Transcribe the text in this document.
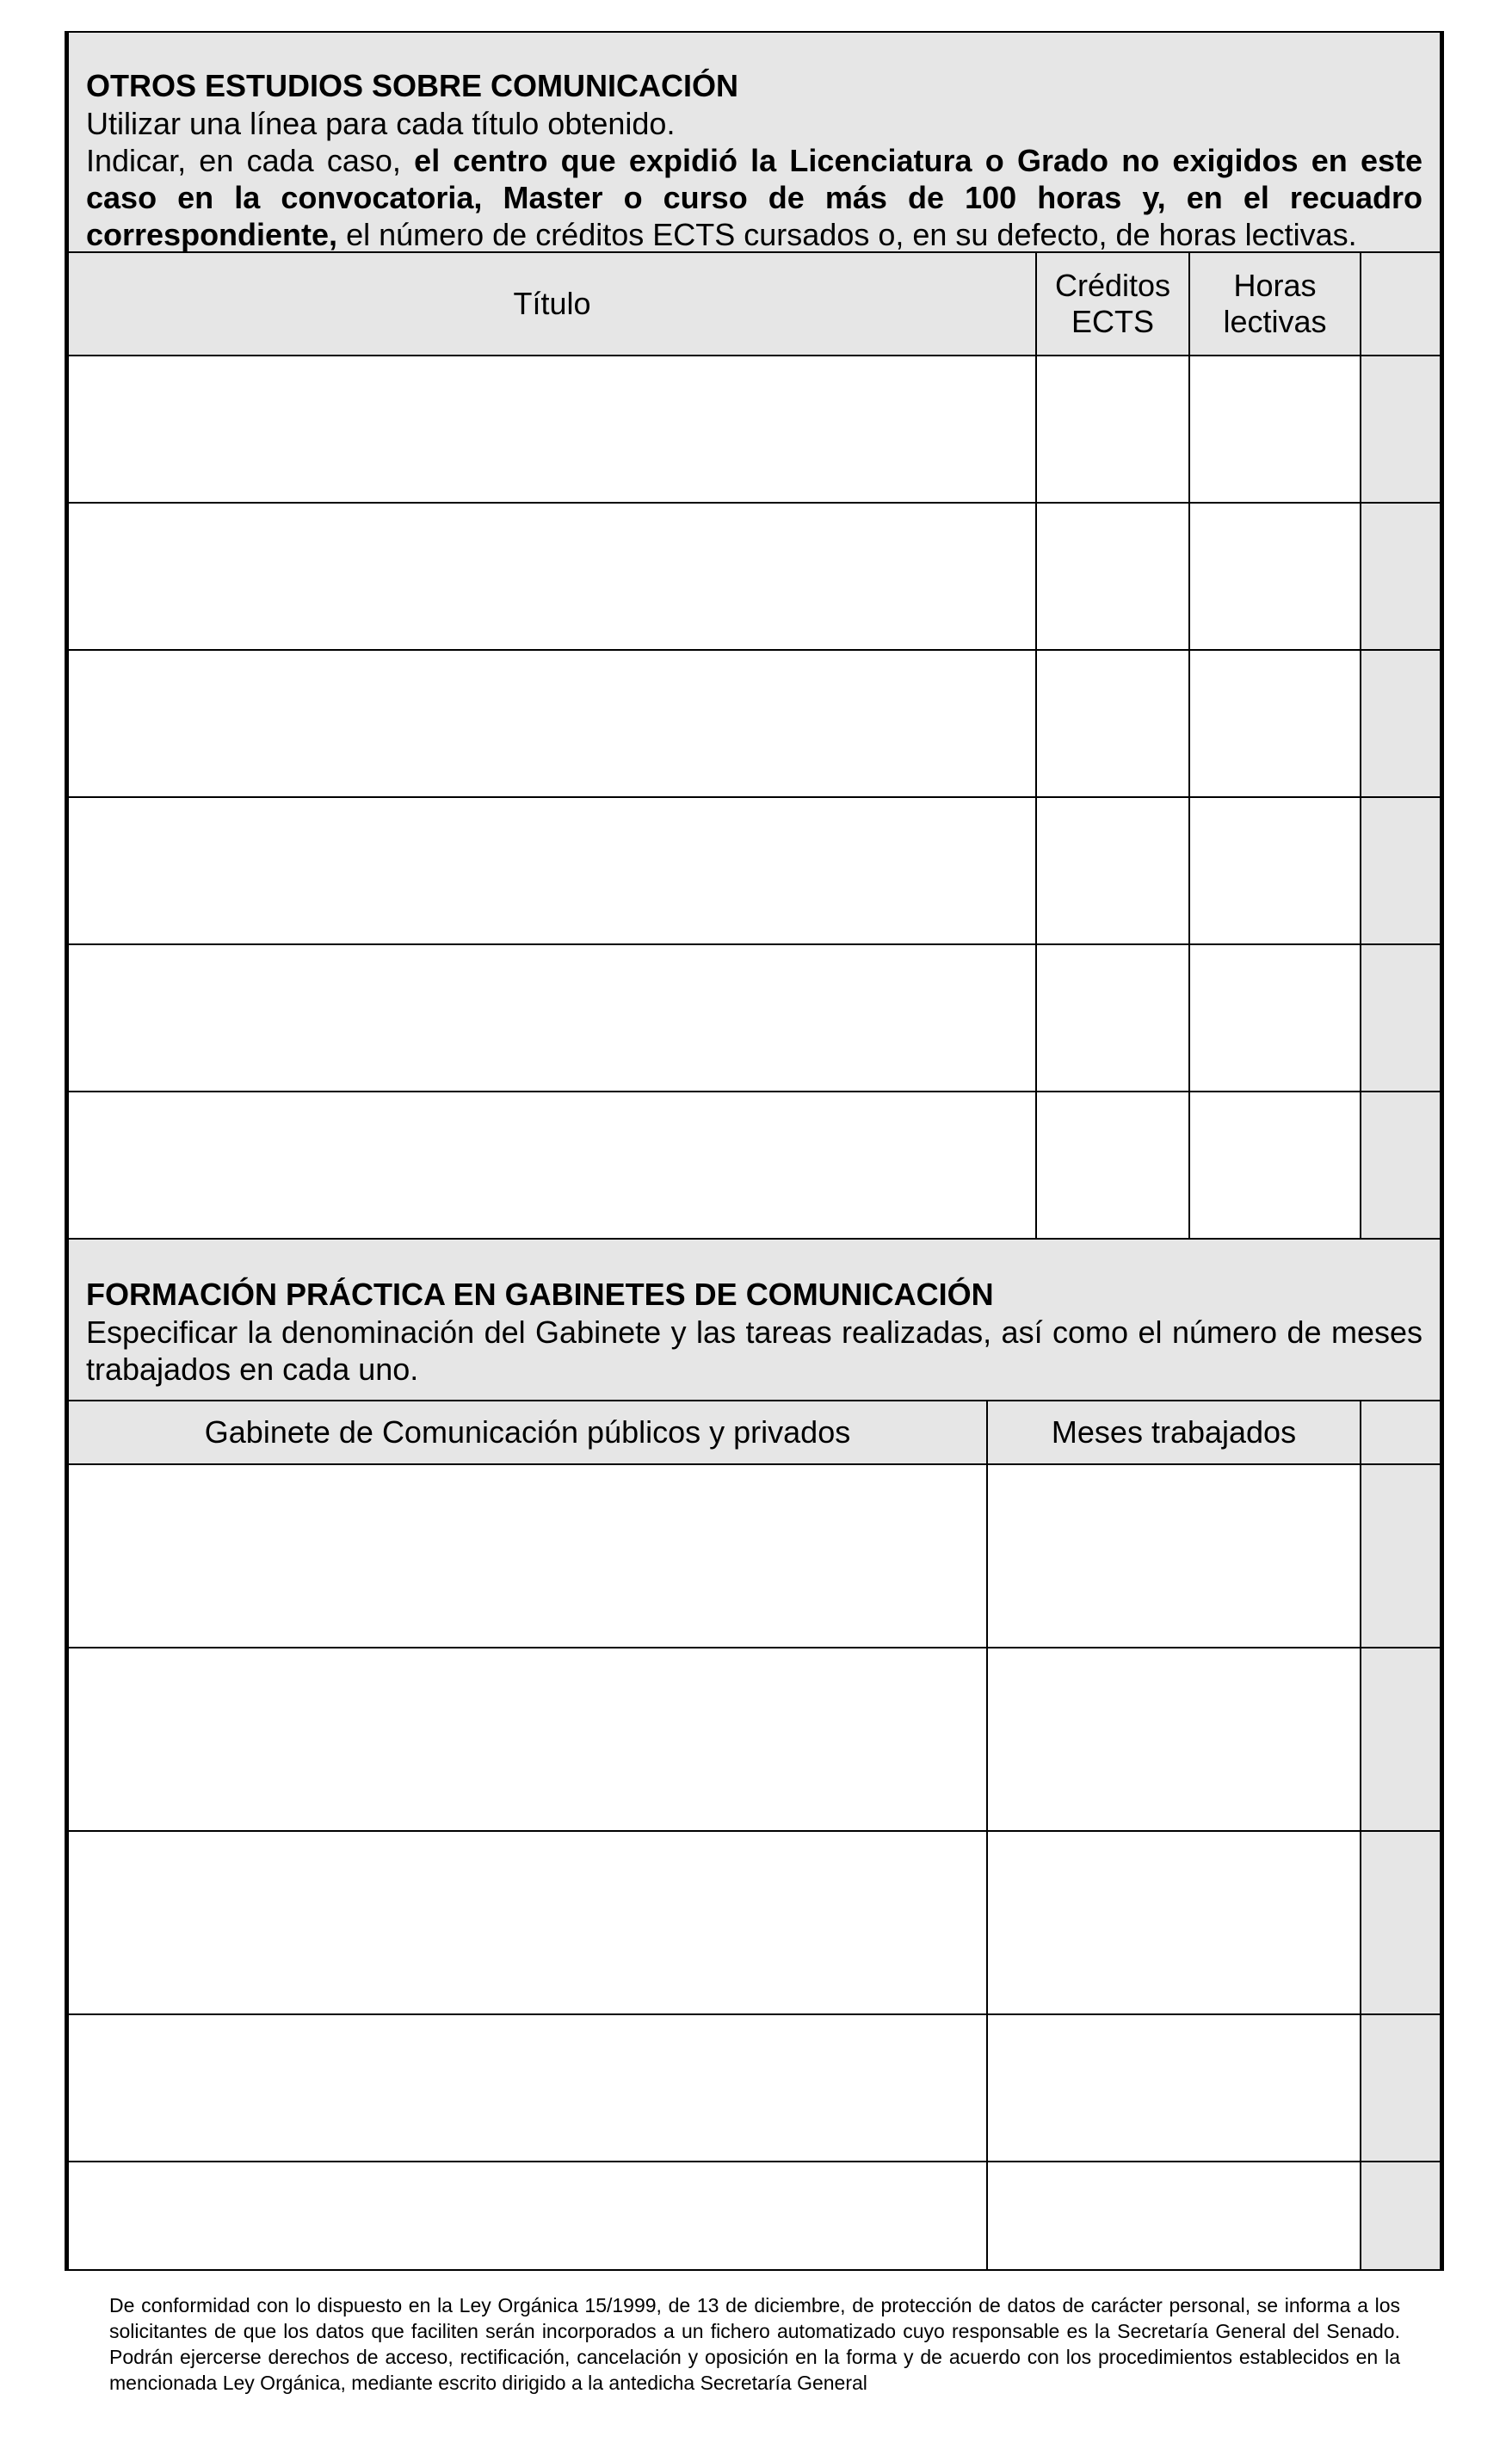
OTROS ESTUDIOS SOBRE COMUNICACIÓN
Utilizar una línea para cada título obtenido.
Indicar, en cada caso, el centro que expidió la Licenciatura o Grado no exigidos en este caso en la convocatoria, Master o curso de más de 100 horas y, en el recuadro correspondiente, el número de créditos ECTS cursados o, en su defecto, de horas lectivas.
Título
Créditos ECTS
Horas lectivas
FORMACIÓN PRÁCTICA EN GABINETES DE COMUNICACIÓN
Especificar la denominación del Gabinete y las tareas realizadas, así como el número de meses trabajados en cada uno.
Gabinete de Comunicación públicos y privados	Meses trabajados
De conformidad con lo dispuesto en la Ley Orgánica 15/1999, de 13 de diciembre, de protección de datos de carácter personal, se informa a los solicitantes de que los datos que faciliten serán incorporados a un fichero automatizado cuyo responsable es la Secretaría General del Senado. Podrán ejercerse derechos de acceso, rectificación, cancelación y oposición en la forma y de acuerdo con los procedimientos establecidos en la mencionada Ley Orgánica, mediante escrito dirigido a la antedicha Secretaría General
